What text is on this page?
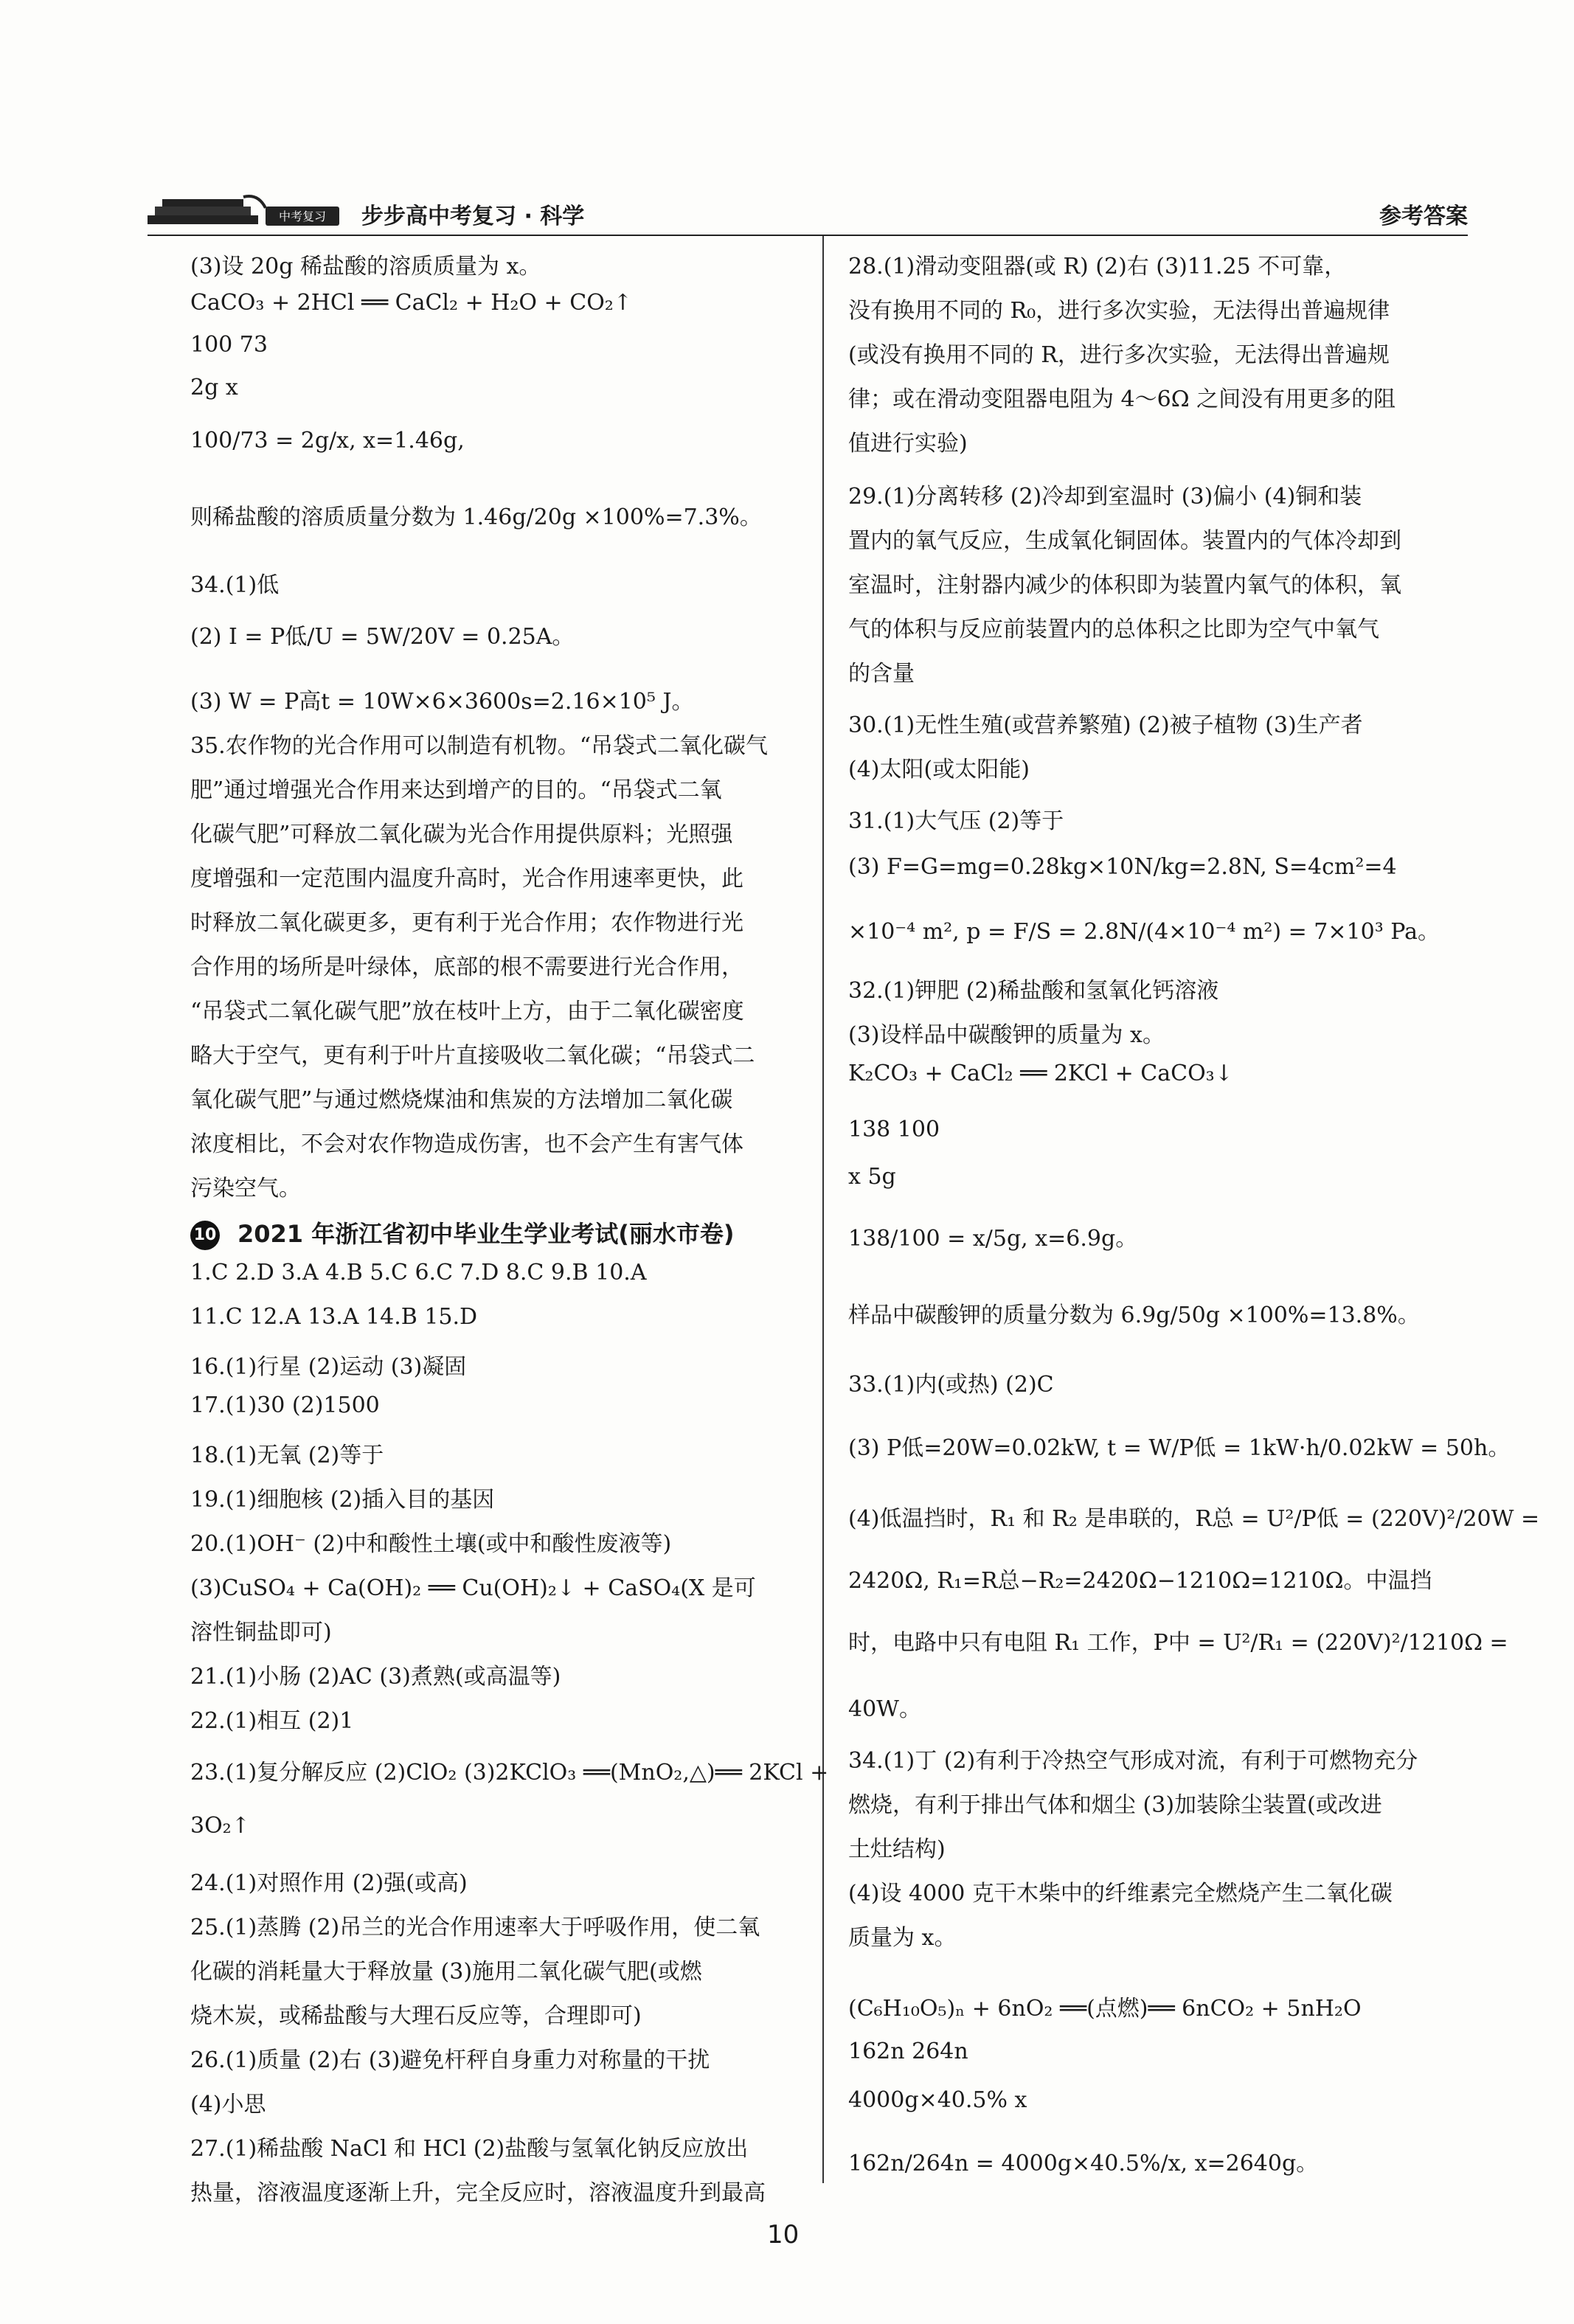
中考复习 步步高中考复习 · 科学	参考答案
(3)设 20g 稀盐酸的溶质质量为 x。
CaCO₃ + 2HCl ══ CaCl₂ + H₂O + CO₂↑
100 73
2g x
100/73 = 2g/x, x=1.46g,
则稀盐酸的溶质质量分数为 1.46g/20g ×100%=7.3%。
34.(1)低
(2) I = P低/U = 5W/20V = 0.25A。
(3) W = P高t = 10W×6×3600s=2.16×10⁵ J。
35.农作物的光合作用可以制造有机物。“吊袋式二氧化碳气
肥”通过增强光合作用来达到增产的目的。“吊袋式二氧
化碳气肥”可释放二氧化碳为光合作用提供原料；光照强
度增强和一定范围内温度升高时，光合作用速率更快，此
时释放二氧化碳更多，更有利于光合作用；农作物进行光
合作用的场所是叶绿体，底部的根不需要进行光合作用，
“吊袋式二氧化碳气肥”放在枝叶上方，由于二氧化碳密度
略大于空气，更有利于叶片直接吸收二氧化碳；“吊袋式二
氧化碳气肥”与通过燃烧煤油和焦炭的方法增加二氧化碳
浓度相比，不会对农作物造成伤害，也不会产生有害气体
污染空气。
1.C 2.D 3.A 4.B 5.C 6.C 7.D 8.C 9.B 10.A
11.C 12.A 13.A 14.B 15.D
16.(1)行星 (2)运动 (3)凝固
17.(1)30 (2)1500
18.(1)无氧 (2)等于
19.(1)细胞核 (2)插入目的基因
20.(1)OH⁻ (2)中和酸性土壤(或中和酸性废液等)
(3)CuSO₄ + Ca(OH)₂ ══ Cu(OH)₂↓ + CaSO₄(X 是可
溶性铜盐即可)
21.(1)小肠 (2)AC (3)煮熟(或高温等)
22.(1)相互 (2)1
23.(1)复分解反应 (2)ClO₂ (3)2KClO₃ ══(MnO₂,△)══ 2KCl +
3O₂↑
24.(1)对照作用 (2)强(或高)
25.(1)蒸腾 (2)吊兰的光合作用速率大于呼吸作用，使二氧
化碳的消耗量大于释放量 (3)施用二氧化碳气肥(或燃
烧木炭，或稀盐酸与大理石反应等，合理即可)
26.(1)质量 (2)右 (3)避免杆秤自身重力对称量的干扰
(4)小思
27.(1)稀盐酸 NaCl 和 HCl (2)盐酸与氢氧化钠反应放出
热量，溶液温度逐渐上升，完全反应时，溶液温度升到最高
10 2021 年浙江省初中毕业生学业考试(丽水市卷)
28.(1)滑动变阻器(或 R) (2)右 (3)11.25 不可靠，
没有换用不同的 R₀，进行多次实验，无法得出普遍规律
(或没有换用不同的 R，进行多次实验，无法得出普遍规
律；或在滑动变阻器电阻为 4～6Ω 之间没有用更多的阻
值进行实验)
29.(1)分离转移 (2)冷却到室温时 (3)偏小 (4)铜和装
置内的氧气反应，生成氧化铜固体。装置内的气体冷却到
室温时，注射器内减少的体积即为装置内氧气的体积，氧
气的体积与反应前装置内的总体积之比即为空气中氧气
的含量
30.(1)无性生殖(或营养繁殖) (2)被子植物 (3)生产者
(4)太阳(或太阳能)
31.(1)大气压 (2)等于
(3) F=G=mg=0.28kg×10N/kg=2.8N, S=4cm²=4
×10⁻⁴ m², p = F/S = 2.8N/(4×10⁻⁴ m²) = 7×10³ Pa。
32.(1)钾肥 (2)稀盐酸和氢氧化钙溶液
(3)设样品中碳酸钾的质量为 x。
K₂CO₃ + CaCl₂ ══ 2KCl + CaCO₃↓
138 100
x 5g
138/100 = x/5g, x=6.9g。
样品中碳酸钾的质量分数为 6.9g/50g ×100%=13.8%。
33.(1)内(或热) (2)C
(3) P低=20W=0.02kW, t = W/P低 = 1kW·h/0.02kW = 50h。
(4)低温挡时，R₁ 和 R₂ 是串联的，R总 = U²/P低 = (220V)²/20W =
2420Ω, R₁=R总−R₂=2420Ω−1210Ω=1210Ω。中温挡
时，电路中只有电阻 R₁ 工作，P中 = U²/R₁ = (220V)²/1210Ω =
40W。
34.(1)丁 (2)有利于冷热空气形成对流，有利于可燃物充分
燃烧，有利于排出气体和烟尘 (3)加装除尘装置(或改进
土灶结构)
(4)设 4000 克干木柴中的纤维素完全燃烧产生二氧化碳
质量为 x。
(C₆H₁₀O₅)ₙ + 6nO₂ ══(点燃)══ 6nCO₂ + 5nH₂O
162n 264n
4000g×40.5% x
162n/264n = 4000g×40.5%/x, x=2640g。
10
